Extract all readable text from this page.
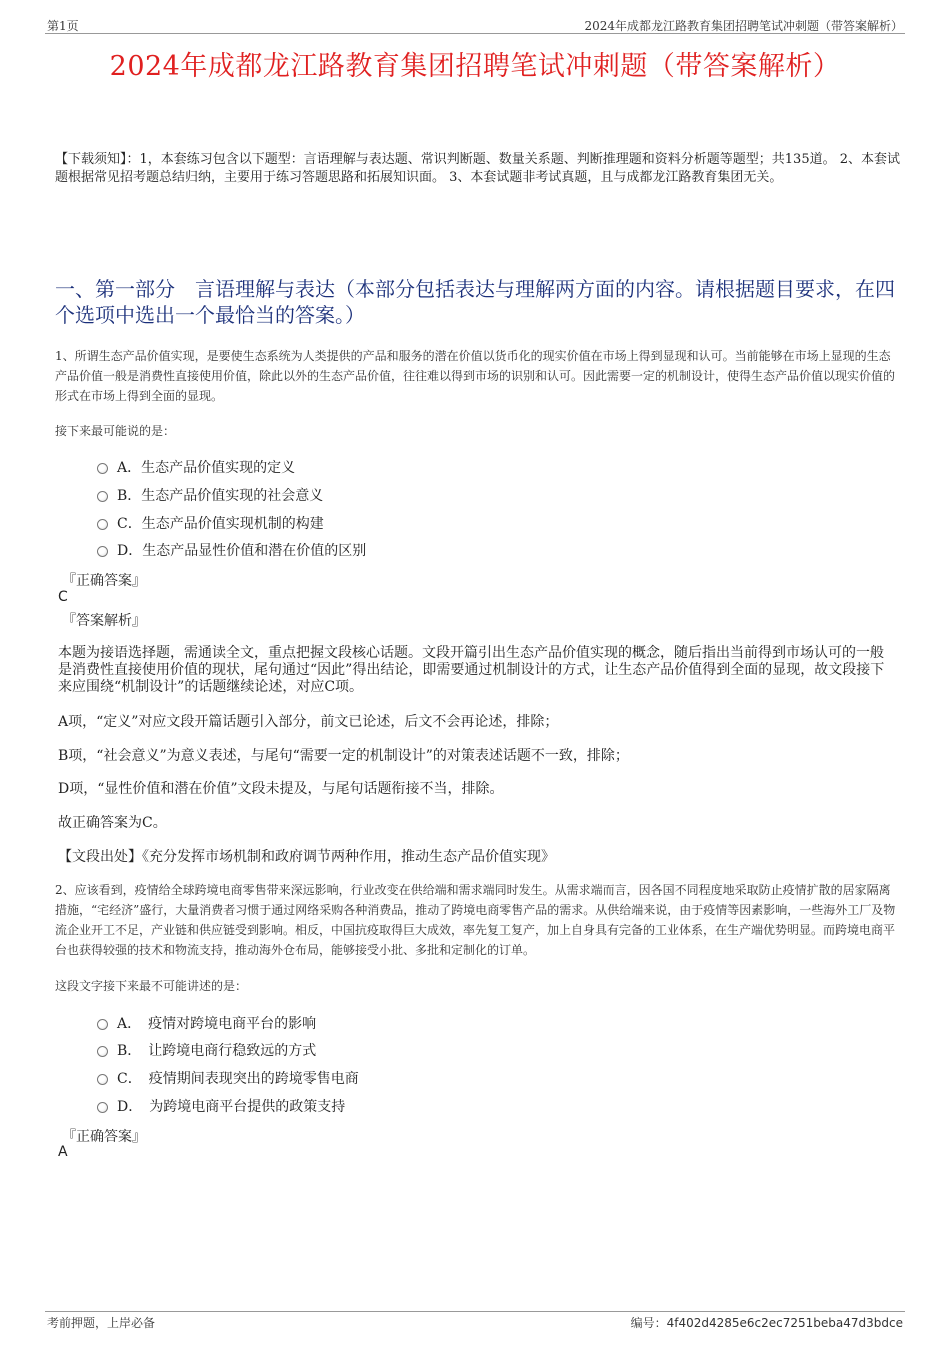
第1页	2024年成都龙江路教育集团招聘笔试冲刺题（带答案解析）
2024年成都龙江路教育集团招聘笔试冲刺题（带答案解析）
【下载须知】：1，本套练习包含以下题型：言语理解与表达题、常识判断题、数量关系题、判断推理题和资料分析题等题型；共135道。 2、本套试题根据常见招考题总结归纳，主要用于练习答题思路和拓展知识面。 3、本套试题非考试真题，且与成都龙江路教育集团无关。
一、第一部分　言语理解与表达（本部分包括表达与理解两方面的内容。请根据题目要求，在四个选项中选出一个最恰当的答案。）
1、所谓生态产品价值实现，是要使生态系统为人类提供的产品和服务的潜在价值以货币化的现实价值在市场上得到显现和认可。当前能够在市场上显现的生态产品价值一般是消费性直接使用价值，除此以外的生态产品价值，往往难以得到市场的识别和认可。因此需要一定的机制设计，使得生态产品价值以现实价值的形式在市场上得到全面的显现。
接下来最可能说的是：
A．生态产品价值实现的定义
B．生态产品价值实现的社会意义
C．生态产品价值实现机制的构建
D．生态产品显性价值和潜在价值的区别
『正确答案』
C
『答案解析』
本题为接语选择题，需通读全文，重点把握文段核心话题。文段开篇引出生态产品价值实现的概念，随后指出当前得到市场认可的一般是消费性直接使用价值的现状，尾句通过“因此”得出结论，即需要通过机制设计的方式，让生态产品价值得到全面的显现，故文段接下来应围绕“机制设计”的话题继续论述，对应C项。
A项，“定义”对应文段开篇话题引入部分，前文已论述，后文不会再论述，排除；
B项，“社会意义”为意义表述，与尾句“需要一定的机制设计”的对策表述话题不一致，排除；
D项，“显性价值和潜在价值”文段未提及，与尾句话题衔接不当，排除。
故正确答案为C。
【文段出处】《充分发挥市场机制和政府调节两种作用，推动生态产品价值实现》
2、应该看到，疫情给全球跨境电商零售带来深远影响，行业改变在供给端和需求端同时发生。从需求端而言，因各国不同程度地采取防止疫情扩散的居家隔离措施，“宅经济”盛行，大量消费者习惯于通过网络采购各种消费品，推动了跨境电商零售产品的需求。从供给端来说，由于疫情等因素影响，一些海外工厂及物流企业开工不足，产业链和供应链受到影响。相反，中国抗疫取得巨大成效，率先复工复产，加上自身具有完备的工业体系，在生产端优势明显。而跨境电商平台也获得较强的技术和物流支持，推动海外仓布局，能够接受小批、多批和定制化的订单。
这段文字接下来最不可能讲述的是：
A．　疫情对跨境电商平台的影响
B．　让跨境电商行稳致远的方式
C．　疫情期间表现突出的跨境零售电商
D．　为跨境电商平台提供的政策支持
『正确答案』
A
考前押题，上岸必备	编号：4f402d4285e6c2ec7251beba47d3bdce
